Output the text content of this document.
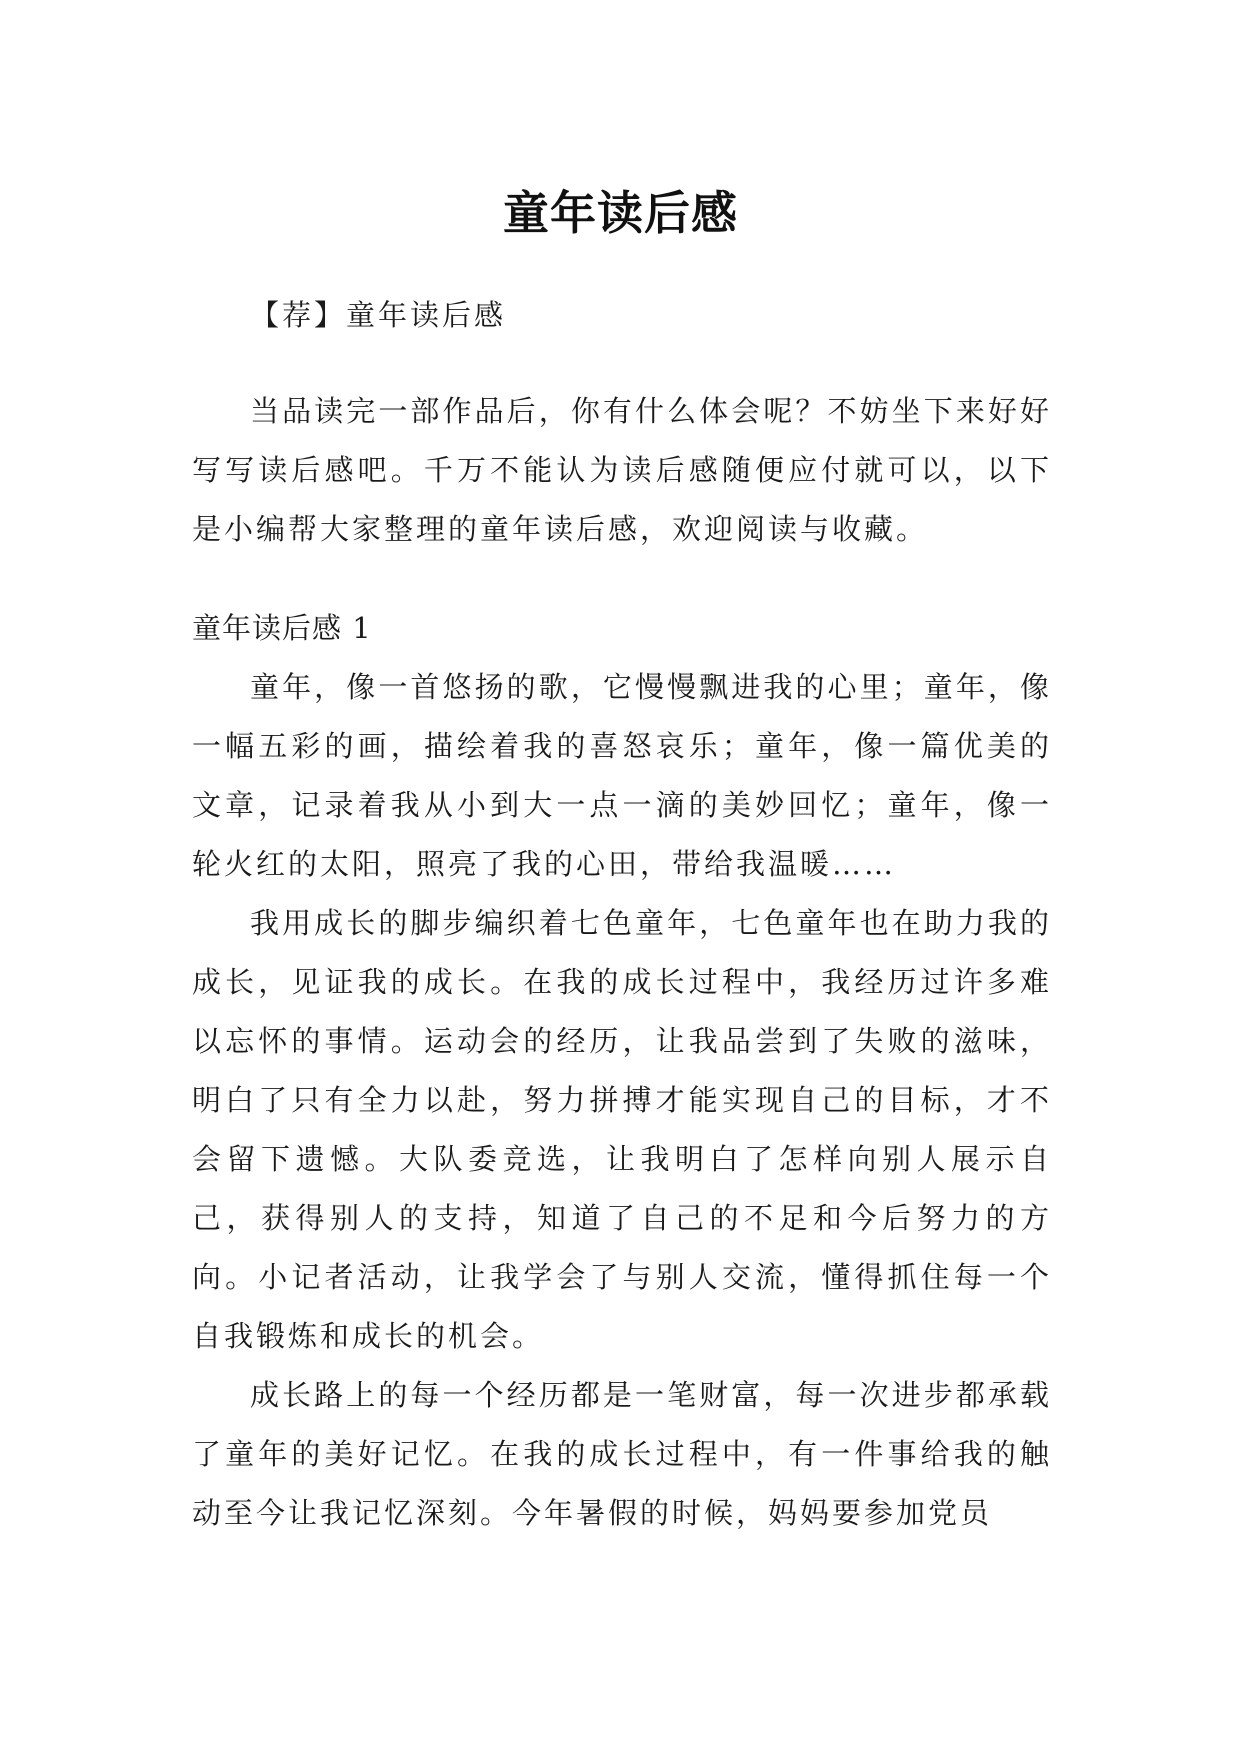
童年读后感

【荐】童年读后感

当品读完一部作品后，你有什么体会呢？不妨坐下来好好写写读后感吧。千万不能认为读后感随便应付就可以，以下是小编帮大家整理的童年读后感，欢迎阅读与收藏。

童年读后感 1

童年，像一首悠扬的歌，它慢慢飘进我的心里；童年，像一幅五彩的画，描绘着我的喜怒哀乐；童年，像一篇优美的文章，记录着我从小到大一点一滴的美妙回忆；童年，像一轮火红的太阳，照亮了我的心田，带给我温暖……

我用成长的脚步编织着七色童年，七色童年也在助力我的成长，见证我的成长。在我的成长过程中，我经历过许多难以忘怀的事情。运动会的经历，让我品尝到了失败的滋味，明白了只有全力以赴，努力拼搏才能实现自己的目标，才不会留下遗憾。大队委竞选，让我明白了怎样向别人展示自己，获得别人的支持，知道了自己的不足和今后努力的方向。小记者活动，让我学会了与别人交流，懂得抓住每一个自我锻炼和成长的机会。

成长路上的每一个经历都是一笔财富，每一次进步都承载了童年的美好记忆。在我的成长过程中，有一件事给我的触动至今让我记忆深刻。今年暑假的时候，妈妈要参加党员
